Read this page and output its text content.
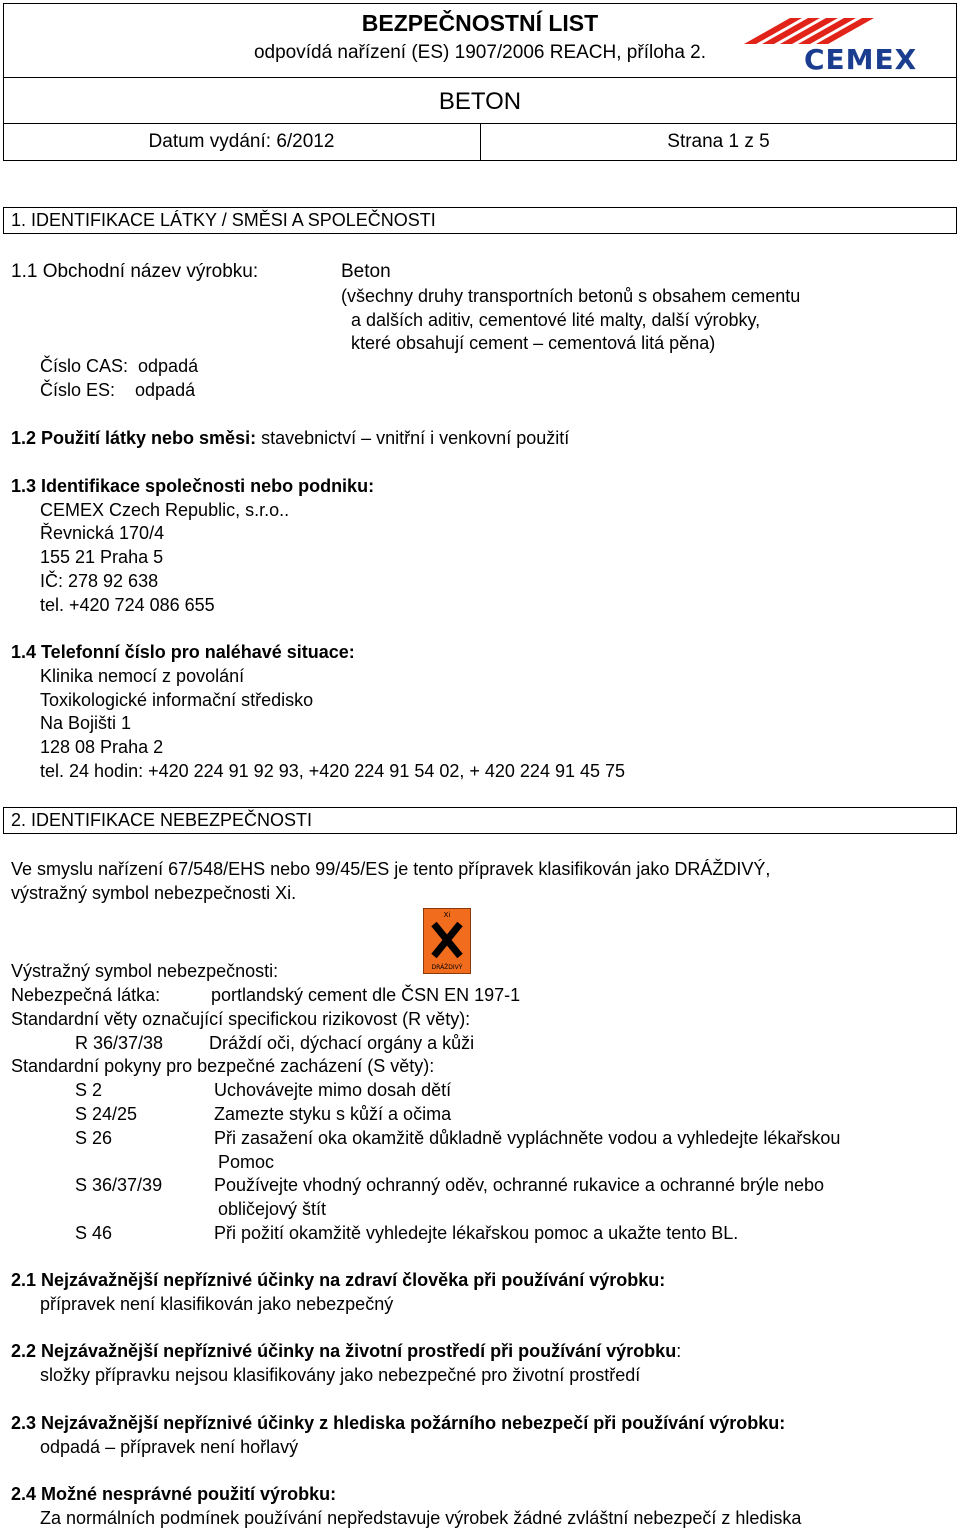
BEZPEČNOSTNÍ LIST
odpovídá nařízení (ES) 1907/2006 REACH, příloha 2.
BETON
Datum vydání: 6/2012	Strana 1 z 5
CEMEX
1. IDENTIFIKACE LÁTKY / SMĚSI A SPOLEČNOSTI
1.1 Obchodní název výrobku:	Beton
(všechny druhy transportních betonů s obsahem cementu
a dalších aditiv, cementové lité malty, další výrobky,
které obsahují cement – cementová litá pěna)
Číslo CAS:  odpadá
Číslo ES:    odpadá
1.2 Použití látky nebo směsi: stavebnictví – vnitřní i venkovní použití
1.3 Identifikace společnosti nebo podniku:
CEMEX Czech Republic, s.r.o..
Řevnická 170/4
155 21 Praha 5
IČ: 278 92 638
tel. +420 724 086 655
1.4 Telefonní číslo pro naléhavé situace:
Klinika nemocí z povolání
Toxikologické informační středisko
Na Bojišti 1
128 08 Praha 2
tel. 24 hodin: +420 224 91 92 93, +420 224 91 54 02, + 420 224 91 45 75
2. IDENTIFIKACE NEBEZPEČNOSTI
Ve smyslu nařízení 67/548/EHS nebo 99/45/ES je tento přípravek klasifikován jako DRÁŽDIVÝ,
výstražný symbol nebezpečnosti Xi.
Xi
DRÁŽDIVÝ
Výstražný symbol nebezpečnosti:
Nebezpečná látka:	portlandský cement dle ČSN EN 197-1
Standardní věty označující specifickou rizikovost (R věty):
R 36/37/38	Dráždí oči, dýchací orgány a kůži
Standardní pokyny pro bezpečné zacházení (S věty):
S 2	Uchovávejte mimo dosah dětí
S 24/25	Zamezte styku s kůží a očima
S 26	Při zasažení oka okamžitě důkladně vypláchněte vodou a vyhledejte lékařskou
Pomoc
S 36/37/39	Používejte vhodný ochranný oděv, ochranné rukavice a ochranné brýle nebo
obličejový štít
S 46	Při požití okamžitě vyhledejte lékařskou pomoc a ukažte tento BL.
2.1 Nejzávažnější nepříznivé účinky na zdraví člověka při používání výrobku:
přípravek není klasifikován jako nebezpečný
2.2 Nejzávažnější nepříznivé účinky na životní prostředí při používání výrobku:
složky přípravku nejsou klasifikovány jako nebezpečné pro životní prostředí
2.3 Nejzávažnější nepříznivé účinky z hlediska požárního nebezpečí při používání výrobku:
odpadá – přípravek není hořlavý
2.4 Možné nesprávné použití výrobku:
Za normálních podmínek používání nepředstavuje výrobek žádné zvláštní nebezpečí z hlediska
